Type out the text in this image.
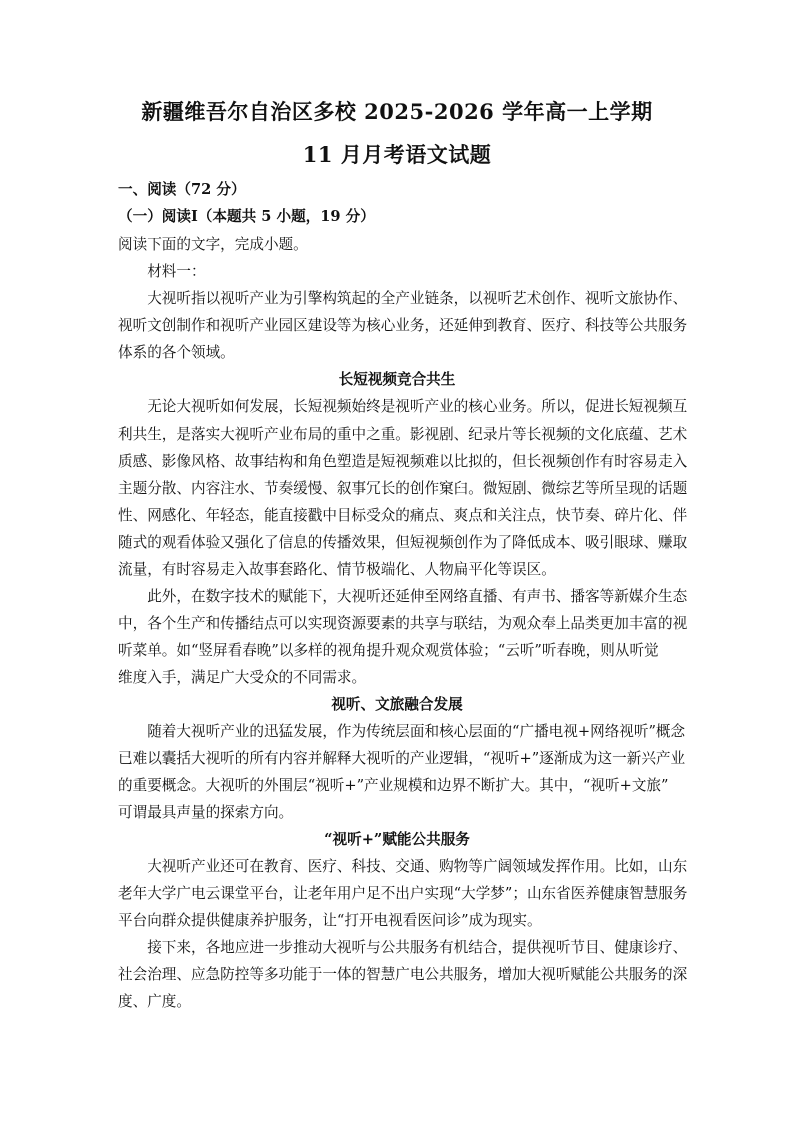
新疆维吾尔自治区多校 2025-2026 学年高一上学期
11 月月考语文试题
一、阅读（72 分）
（一）阅读Ⅰ（本题共 5 小题，19 分）
阅读下面的文字，完成小题。
　　材料一：
　　大视听指以视听产业为引擎构筑起的全产业链条，以视听艺术创作、视听文旅协作、
视听文创制作和视听产业园区建设等为核心业务，还延伸到教育、医疗、科技等公共服务
体系的各个领域。
长短视频竞合共生
　　无论大视听如何发展，长短视频始终是视听产业的核心业务。所以，促进长短视频互
利共生，是落实大视听产业布局的重中之重。影视剧、纪录片等长视频的文化底蕴、艺术
质感、影像风格、故事结构和角色塑造是短视频难以比拟的，但长视频创作有时容易走入
主题分散、内容注水、节奏缓慢、叙事冗长的创作窠臼。微短剧、微综艺等所呈现的话题
性、网感化、年轻态，能直接戳中目标受众的痛点、爽点和关注点，快节奏、碎片化、伴
随式的观看体验又强化了信息的传播效果，但短视频创作为了降低成本、吸引眼球、赚取
流量，有时容易走入故事套路化、情节极端化、人物扁平化等误区。
　　此外，在数字技术的赋能下，大视听还延伸至网络直播、有声书、播客等新媒介生态
中，各个生产和传播结点可以实现资源要素的共享与联结，为观众奉上品类更加丰富的视
听菜单。如“竖屏看春晚”以多样的视角提升观众观赏体验；“云听”听春晚，则从听觉
维度入手，满足广大受众的不同需求。
视听、文旅融合发展
　　随着大视听产业的迅猛发展，作为传统层面和核心层面的“广播电视+网络视听”概念
已难以囊括大视听的所有内容并解释大视听的产业逻辑，“视听+”逐渐成为这一新兴产业
的重要概念。大视听的外围层“视听+”产业规模和边界不断扩大。其中，“视听+文旅”
可谓最具声量的探索方向。
“视听+”赋能公共服务
　　大视听产业还可在教育、医疗、科技、交通、购物等广阔领域发挥作用。比如，山东
老年大学广电云课堂平台，让老年用户足不出户实现“大学梦”；山东省医养健康智慧服务
平台向群众提供健康养护服务，让“打开电视看医问诊”成为现实。
　　接下来，各地应进一步推动大视听与公共服务有机结合，提供视听节目、健康诊疗、
社会治理、应急防控等多功能于一体的智慧广电公共服务，增加大视听赋能公共服务的深
度、广度。
